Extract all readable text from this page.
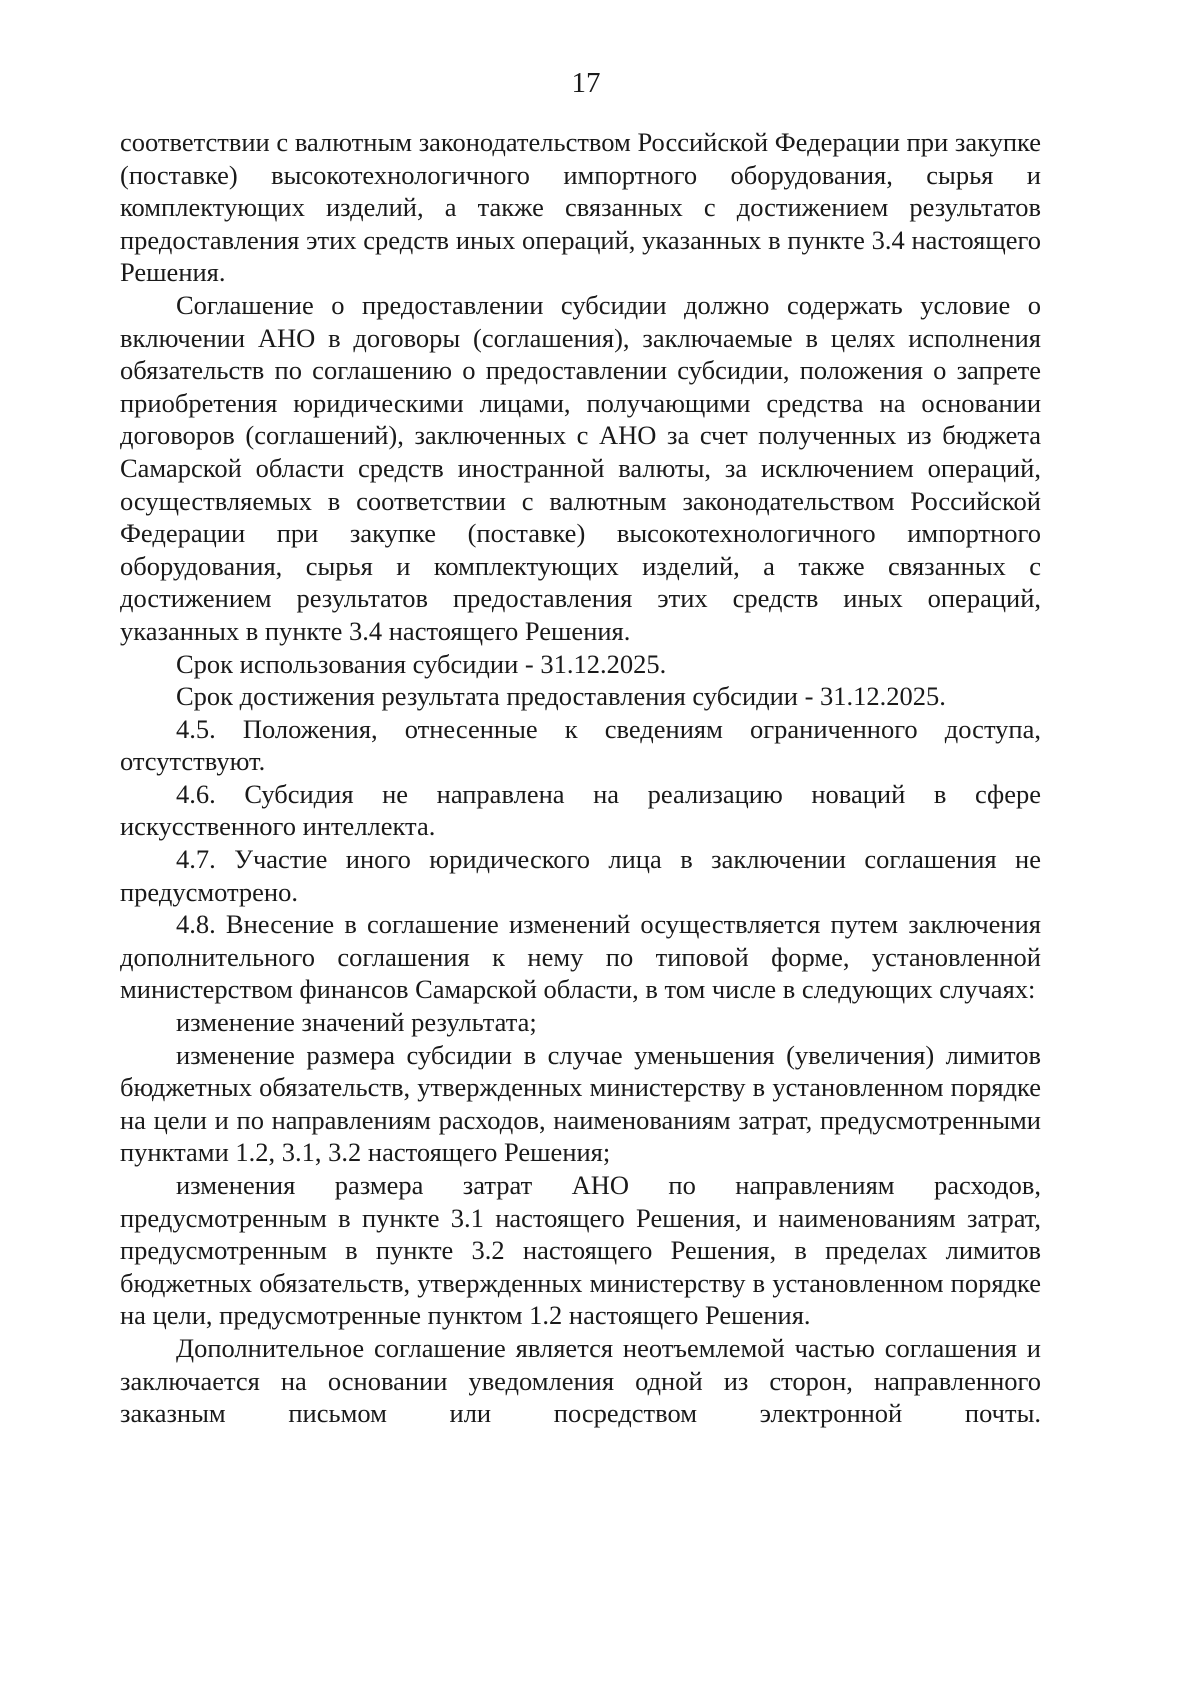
17

соответствии с валютным законодательством Российской Федерации при закупке (поставке) высокотехнологичного импортного оборудования, сырья и комплектующих изделий, а также связанных с достижением результатов предоставления этих средств иных операций, указанных в пункте 3.4 настоящего Решения.

Соглашение о предоставлении субсидии должно содержать условие о включении АНО в договоры (соглашения), заключаемые в целях исполнения обязательств по соглашению о предоставлении субсидии, положения о запрете приобретения юридическими лицами, получающими средства на основании договоров (соглашений), заключенных с АНО за счет полученных из бюджета Самарской области средств иностранной валюты, за исключением операций, осуществляемых в соответствии с валютным законодательством Российской Федерации при закупке (поставке) высокотехнологичного импортного оборудования, сырья и комплектующих изделий, а также связанных с достижением результатов предоставления этих средств иных операций, указанных в пункте 3.4 настоящего Решения.

Срок использования субсидии - 31.12.2025.

Срок достижения результата предоставления субсидии - 31.12.2025.

4.5. Положения, отнесенные к сведениям ограниченного доступа, отсутствуют.

4.6. Субсидия не направлена на реализацию новаций в сфере искусственного интеллекта.

4.7. Участие иного юридического лица в заключении соглашения не предусмотрено.

4.8. Внесение в соглашение изменений осуществляется путем заключения дополнительного соглашения к нему по типовой форме, установленной министерством финансов Самарской области, в том числе в следующих случаях:

изменение значений результата;

изменение размера субсидии в случае уменьшения (увеличения) лимитов бюджетных обязательств, утвержденных министерству в установленном порядке на цели и по направлениям расходов, наименованиям затрат, предусмотренными пунктами 1.2, 3.1, 3.2 настоящего Решения;

изменения размера затрат АНО по направлениям расходов, предусмотренным в пункте 3.1 настоящего Решения, и наименованиям затрат, предусмотренным в пункте 3.2 настоящего Решения, в пределах лимитов бюджетных обязательств, утвержденных министерству в установленном порядке на цели, предусмотренные пунктом 1.2 настоящего Решения.

Дополнительное соглашение является неотъемлемой частью соглашения и заключается на основании уведомления одной из сторон, направленного заказным письмом или посредством электронной почты.
